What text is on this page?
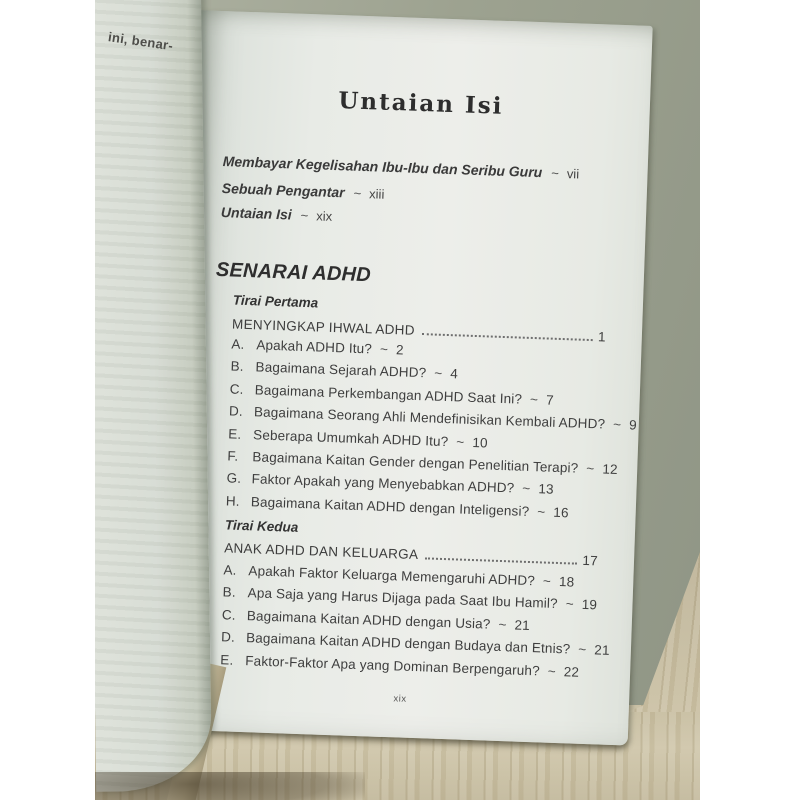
Untaian Isi
Membayar Kegelisahan Ibu-Ibu dan Seribu Guru ~ vii
Sebuah Pengantar ~ xiii
Untaian Isi ~ xix
SENARAI ADHD
Tirai Pertama
MENYINGKAP IHWAL ADHD	1
A. Apakah ADHD Itu? ~ 2
B. Bagaimana Sejarah ADHD? ~ 4
C. Bagaimana Perkembangan ADHD Saat Ini? ~ 7
D. Bagaimana Seorang Ahli Mendefinisikan Kembali ADHD? ~ 9
E. Seberapa Umumkah ADHD Itu? ~ 10
F.	Bagaimana Kaitan Gender dengan Penelitian Terapi? ~ 12
G. Faktor Apakah yang Menyebabkan ADHD? ~ 13
H. Bagaimana Kaitan ADHD dengan Inteligensi? ~ 16
Tirai Kedua
ANAK ADHD DAN KELUARGA	17
A. Apakah Faktor Keluarga Memengaruhi ADHD? ~ 18
B. Apa Saja yang Harus Dijaga pada Saat Ibu Hamil? ~ 19
C. Bagaimana Kaitan ADHD dengan Usia? ~ 21
D. Bagaimana Kaitan ADHD dengan Budaya dan Etnis? ~ 21
E. Faktor-Faktor Apa yang Dominan Berpengaruh? ~ 22
xix
ini, benar-
